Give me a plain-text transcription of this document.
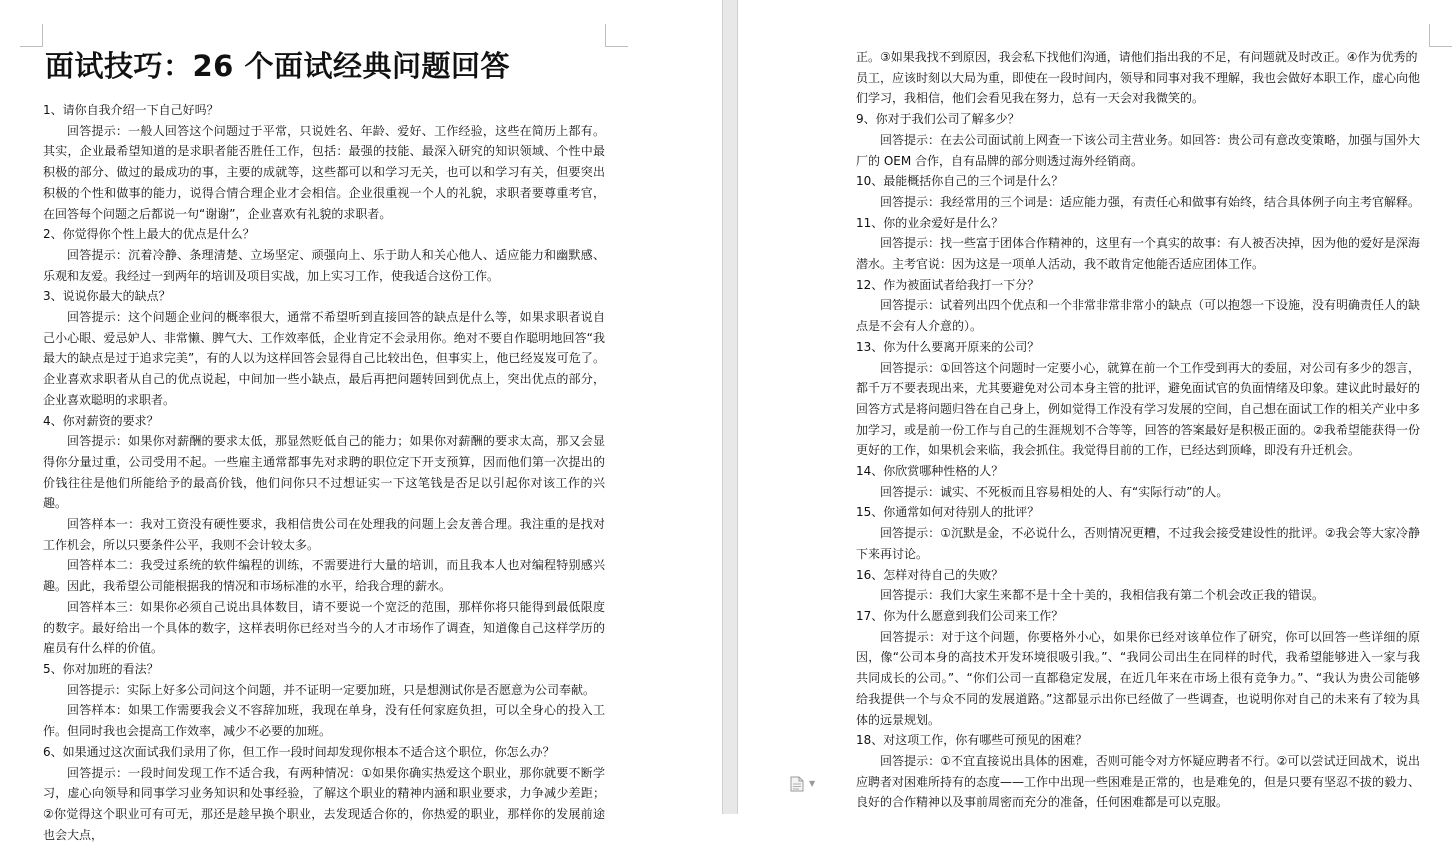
面试技巧：26 个面试经典问题回答
1、请你自我介绍一下自己好吗？
回答提示：一般人回答这个问题过于平常，只说姓名、年龄、爱好、工作经验，这些在简历上都有。其实，企业最希望知道的是求职者能否胜任工作，包括：最强的技能、最深入研究的知识领域、个性中最积极的部分、做过的最成功的事，主要的成就等，这些都可以和学习无关，也可以和学习有关，但要突出积极的个性和做事的能力，说得合情合理企业才会相信。企业很重视一个人的礼貌，求职者要尊重考官，在回答每个问题之后都说一句“谢谢”，企业喜欢有礼貌的求职者。
2、你觉得你个性上最大的优点是什么？
回答提示：沉着冷静、条理清楚、立场坚定、顽强向上、乐于助人和关心他人、适应能力和幽默感、乐观和友爱。我经过一到两年的培训及项目实战，加上实习工作，使我适合这份工作。
3、说说你最大的缺点？
回答提示：这个问题企业问的概率很大，通常不希望听到直接回答的缺点是什么等，如果求职者说自己小心眼、爱忌妒人、非常懒、脾气大、工作效率低，企业肯定不会录用你。绝对不要自作聪明地回答“我最大的缺点是过于追求完美”，有的人以为这样回答会显得自己比较出色，但事实上，他已经岌岌可危了。企业喜欢求职者从自己的优点说起，中间加一些小缺点，最后再把问题转回到优点上，突出优点的部分，企业喜欢聪明的求职者。
4、你对薪资的要求？
回答提示：如果你对薪酬的要求太低，那显然贬低自己的能力；如果你对薪酬的要求太高，那又会显得你分量过重，公司受用不起。一些雇主通常都事先对求聘的职位定下开支预算，因而他们第一次提出的价钱往往是他们所能给予的最高价钱，他们问你只不过想证实一下这笔钱是否足以引起你对该工作的兴趣。
回答样本一：我对工资没有硬性要求，我相信贵公司在处理我的问题上会友善合理。我注重的是找对工作机会，所以只要条件公平，我则不会计较太多。
回答样本二：我受过系统的软件编程的训练，不需要进行大量的培训，而且我本人也对编程特别感兴趣。因此，我希望公司能根据我的情况和市场标准的水平，给我合理的薪水。
回答样本三：如果你必须自己说出具体数目，请不要说一个宽泛的范围，那样你将只能得到最低限度的数字。最好给出一个具体的数字，这样表明你已经对当今的人才市场作了调查，知道像自己这样学历的雇员有什么样的价值。
5、你对加班的看法？
回答提示：实际上好多公司问这个问题，并不证明一定要加班，只是想测试你是否愿意为公司奉献。
回答样本：如果工作需要我会义不容辞加班，我现在单身，没有任何家庭负担，可以全身心的投入工作。但同时我也会提高工作效率，减少不必要的加班。
6、如果通过这次面试我们录用了你，但工作一段时间却发现你根本不适合这个职位，你怎么办？
回答提示：一段时间发现工作不适合我，有两种情况：①如果你确实热爱这个职业，那你就要不断学习，虚心向领导和同事学习业务知识和处事经验，了解这个职业的精神内涵和职业要求，力争减少差距；②你觉得这个职业可有可无，那还是趁早换个职业，去发现适合你的，你热爱的职业，那样你的发展前途也会大点，
正。③如果我找不到原因，我会私下找他们沟通，请他们指出我的不足，有问题就及时改正。④作为优秀的员工，应该时刻以大局为重，即使在一段时间内，领导和同事对我不理解，我也会做好本职工作，虚心向他们学习，我相信，他们会看见我在努力，总有一天会对我微笑的。
9、你对于我们公司了解多少？
回答提示：在去公司面试前上网查一下该公司主营业务。如回答：贵公司有意改变策略，加强与国外大厂的 OEM 合作，自有品牌的部分则透过海外经销商。
10、最能概括你自己的三个词是什么？
回答提示：我经常用的三个词是：适应能力强，有责任心和做事有始终，结合具体例子向主考官解释。
11、你的业余爱好是什么？
回答提示：找一些富于团体合作精神的，这里有一个真实的故事：有人被否决掉，因为他的爱好是深海潜水。主考官说：因为这是一项单人活动，我不敢肯定他能否适应团体工作。
12、作为被面试者给我打一下分？
回答提示：试着列出四个优点和一个非常非常非常小的缺点（可以抱怨一下设施，没有明确责任人的缺点是不会有人介意的）。
13、你为什么要离开原来的公司？
回答提示：①回答这个问题时一定要小心，就算在前一个工作受到再大的委屈，对公司有多少的怨言，都千万不要表现出来，尤其要避免对公司本身主管的批评，避免面试官的负面情绪及印象。建议此时最好的回答方式是将问题归咎在自己身上，例如觉得工作没有学习发展的空间，自己想在面试工作的相关产业中多加学习，或是前一份工作与自己的生涯规划不合等等，回答的答案最好是积极正面的。②我希望能获得一份更好的工作，如果机会来临，我会抓住。我觉得目前的工作，已经达到顶峰，即没有升迁机会。
14、你欣赏哪种性格的人？
回答提示：诚实、不死板而且容易相处的人、有“实际行动”的人。
15、你通常如何对待别人的批评？
回答提示：①沉默是金，不必说什么，否则情况更糟，不过我会接受建设性的批评。②我会等大家冷静下来再讨论。
16、怎样对待自己的失败？
回答提示：我们大家生来都不是十全十美的，我相信我有第二个机会改正我的错误。
17、你为什么愿意到我们公司来工作？
回答提示：对于这个问题，你要格外小心，如果你已经对该单位作了研究，你可以回答一些详细的原因，像“公司本身的高技术开发环境很吸引我。”、“我同公司出生在同样的时代，我希望能够进入一家与我共同成长的公司。”、“你们公司一直都稳定发展，在近几年来在市场上很有竞争力。”、“我认为贵公司能够给我提供一个与众不同的发展道路。”这都显示出你已经做了一些调查，也说明你对自己的未来有了较为具体的远景规划。
18、对这项工作，你有哪些可预见的困难？
回答提示：①不宜直接说出具体的困难，否则可能令对方怀疑应聘者不行。②可以尝试迂回战术，说出应聘者对困难所持有的态度——工作中出现一些困难是正常的，也是难免的，但是只要有坚忍不拔的毅力、良好的合作精神以及事前周密而充分的准备，任何困难都是可以克服。
▼
